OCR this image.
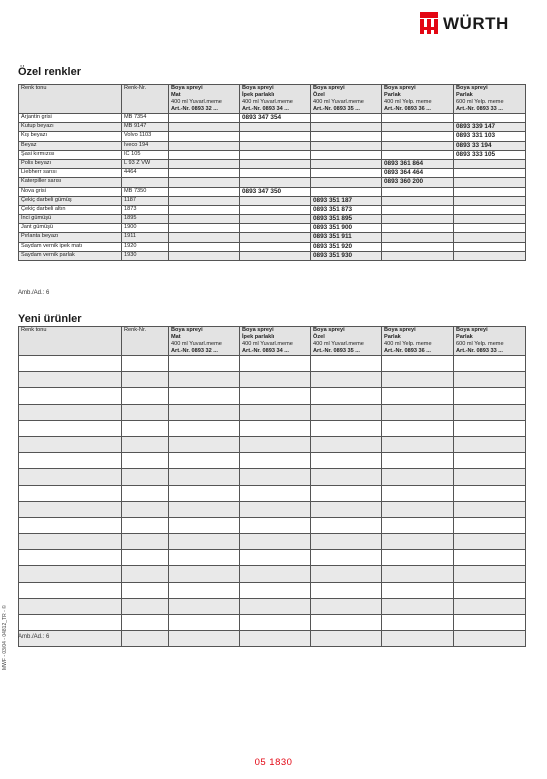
WÜRTH
Özel renkler
Renk tonu	Renk-Nr.	Boya spreyi
Mat
400 ml Yuvarl.meme
Art.-Nr. 0893 32 ...	Boya spreyi
İpek parlaklı
400 ml Yuvarl.meme
Art.-Nr. 0893 34 ...	Boya spreyi
Özel
400 ml Yuvarl.meme
Art.-Nr. 0893 35 ...	Boya spreyi
Parlak
400 ml Yelp. meme
Art.-Nr. 0893 36 ...	Boya spreyi
Parlak
600 ml Yelp. meme
Art.-Nr. 0893 33 ...

Arjantin grisi	MB 7354		0893 347 354			
Kutup beyazı	MB 9147					0893 339 147
Kış beyazı	Volvo 1103					0893 331 103
Beyaz	Iveco 194					0893 33 194
Şasi kırmızısı	IC 105					0893 333 105
Polis beyazı	L 93 Z VW				0893 361 864	
Liebherr sarısı	4464				0893 364 464	
Katerpiller sarısı					0893 360 200	
Nova grisi	MB 7350		0893 347 350			
Çekiç darbeli gümüş	1187			0893 351 187		
Çekiç darbeli altın	1873			0893 351 873		
İnci gümüşü	1895			0893 351 895		
Jant gümüşü	1900			0893 351 900		
Pırlanta beyazı	1911			0893 351 911		
Saydam vernik ipek matı	1920			0893 351 920		
Saydam vernik parlak	1930			0893 351 930		
Amb./Ad.: 6
Yeni ürünler
Renk tonu	Renk-Nr.	Boya spreyi
Mat
400 ml Yuvarl.meme
Art.-Nr. 0893 32 ...	Boya spreyi
İpek parlaklı
400 ml Yuvarl.meme
Art.-Nr. 0893 34 ...	Boya spreyi
Özel
400 ml Yuvarl.meme
Art.-Nr. 0893 35 ...	Boya spreyi
Parlak
400 ml Yelp. meme
Art.-Nr. 0893 36 ...	Boya spreyi
Parlak
600 ml Yelp. meme
Art.-Nr. 0893 33 ...

Amb./Ad.: 6
MWF - 03/04 - 04812_TR - ©
05 1830
